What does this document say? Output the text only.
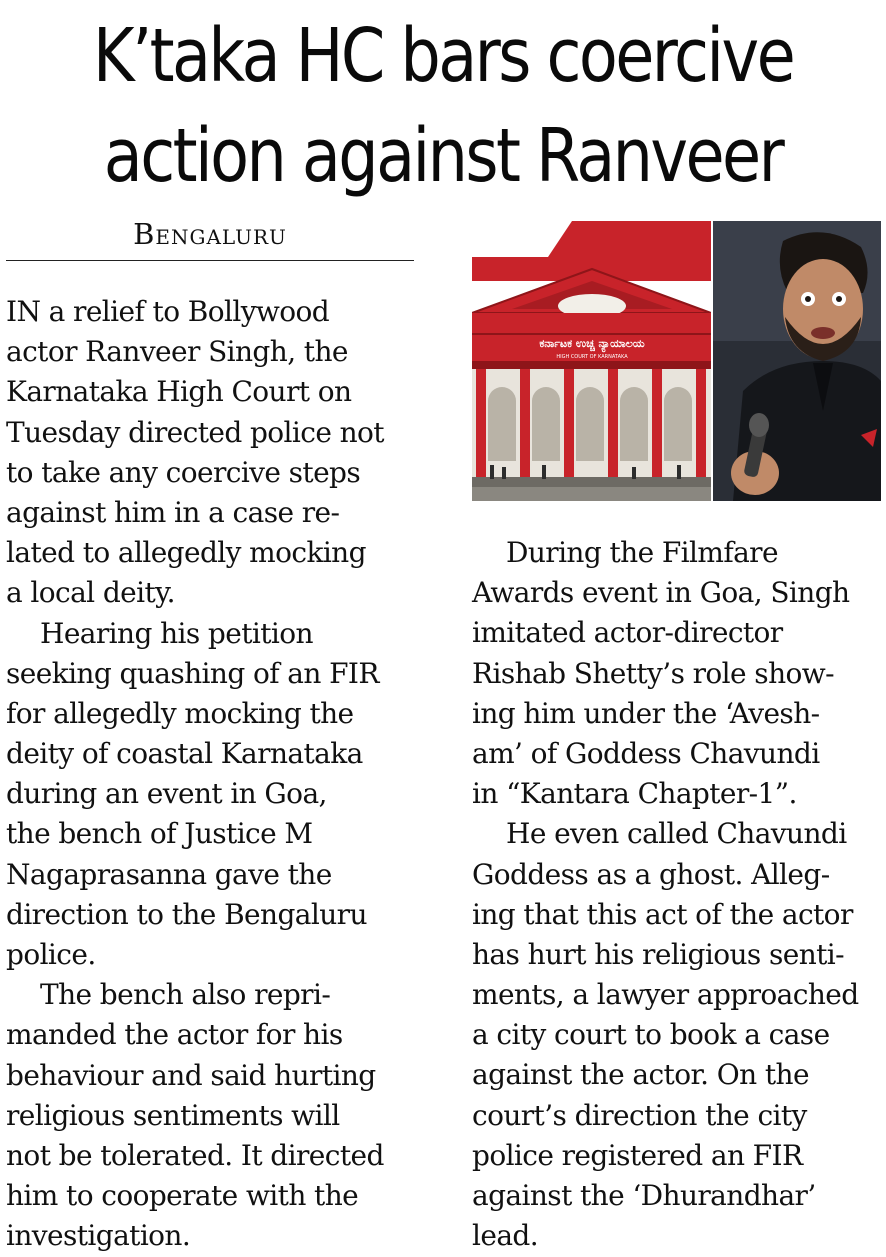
K’taka HC bars coercive
action against Ranveer
Bengaluru
ಕರ್ನಾಟಕ ಉಚ್ಚ ನ್ಯಾಯಾಲಯ
HIGH COURT OF KARNATAKA
IN a relief to Bollywood
actor Ranveer Singh, the
Karnataka High Court on
Tuesday directed police not
to take any coercive steps
against him in a case re-
lated to allegedly mocking
a local deity.
Hearing his petition
seeking quashing of an FIR
for allegedly mocking the
deity of coastal Karnataka
during an event in Goa,
the bench of Justice M
Nagaprasanna gave the
direction to the Bengaluru
police.
The bench also repri-
manded the actor for his
behaviour and said hurting
religious sentiments will
not be tolerated. It directed
him to cooperate with the
investigation.
During the Filmfare
Awards event in Goa, Singh
imitated actor-director
Rishab Shetty’s role show-
ing him under the ‘Avesh-
am’ of Goddess Chavundi
in “Kantara Chapter-1”.
He even called Chavundi
Goddess as a ghost. Alleg-
ing that this act of the actor
has hurt his religious senti-
ments, a lawyer approached
a city court to book a case
against the actor. On the
court’s direction the city
police registered an FIR
against the ‘Dhurandhar’
lead.
